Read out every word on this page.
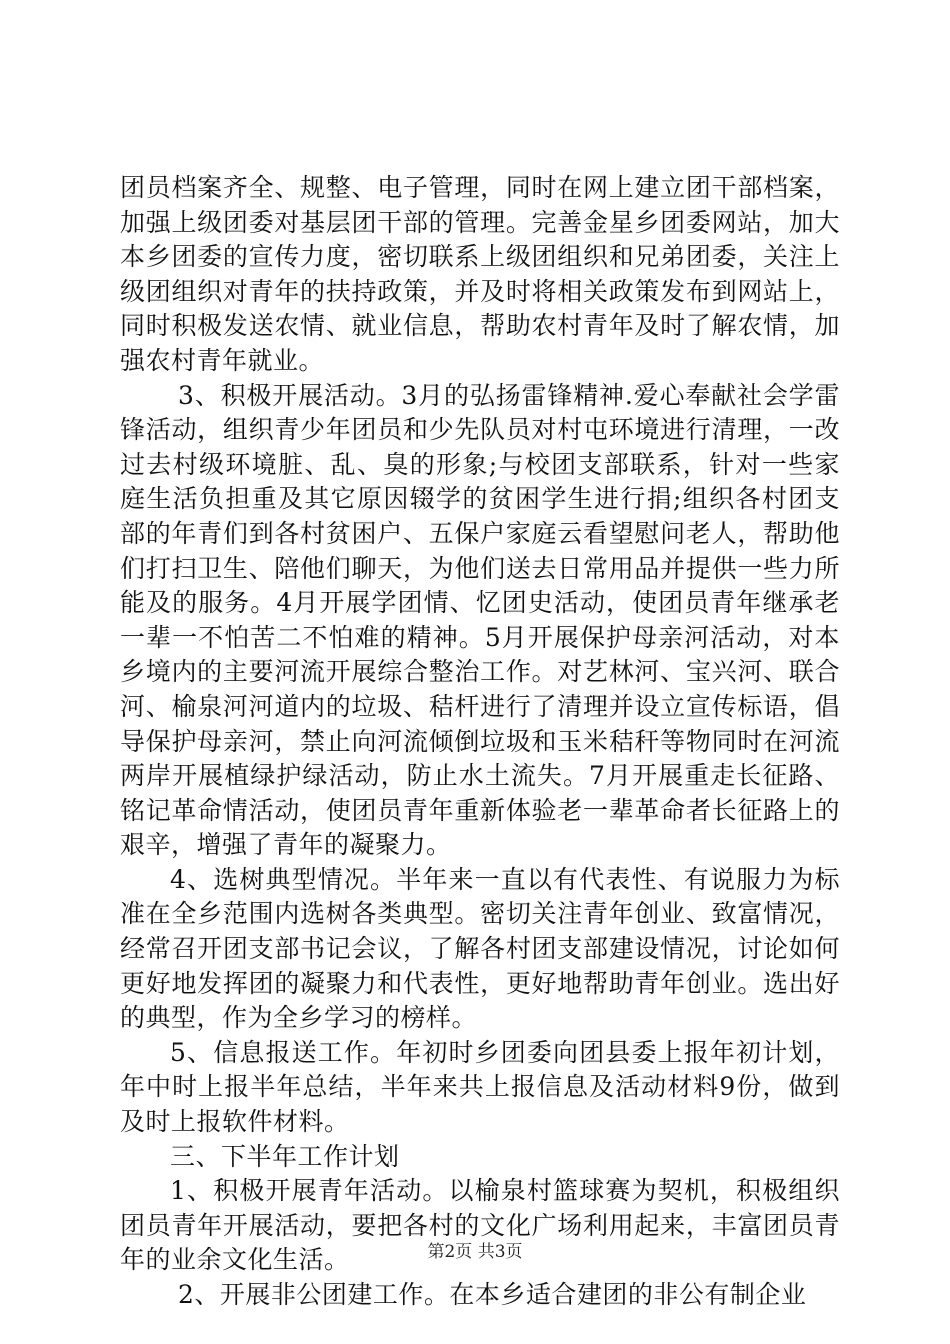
团员档案齐全、规整、电子管理，同时在网上建立团干部档案，加强上级团委对基层团干部的管理。完善金星乡团委网站，加大本乡团委的宣传力度，密切联系上级团组织和兄弟团委，关注上级团组织对青年的扶持政策，并及时将相关政策发布到网站上，同时积极发送农情、就业信息，帮助农村青年及时了解农情，加强农村青年就业。

3、积极开展活动。3月的弘扬雷锋精神.爱心奉献社会学雷锋活动，组织青少年团员和少先队员对村屯环境进行清理，一改过去村级环境脏、乱、臭的形象;与校团支部联系，针对一些家庭生活负担重及其它原因辍学的贫困学生进行捐;组织各村团支部的年青们到各村贫困户、五保户家庭云看望慰问老人，帮助他们打扫卫生、陪他们聊天，为他们送去日常用品并提供一些力所能及的服务。4月开展学团情、忆团史活动，使团员青年继承老一辈一不怕苦二不怕难的精神。5月开展保护母亲河活动，对本乡境内的主要河流开展综合整治工作。对艺林河、宝兴河、联合河、榆泉河河道内的垃圾、秸杆进行了清理并设立宣传标语，倡导保护母亲河，禁止向河流倾倒垃圾和玉米秸秆等物同时在河流两岸开展植绿护绿活动，防止水土流失。7月开展重走长征路、铭记革命情活动，使团员青年重新体验老一辈革命者长征路上的艰辛，增强了青年的凝聚力。

4、选树典型情况。半年来一直以有代表性、有说服力为标准在全乡范围内选树各类典型。密切关注青年创业、致富情况，经常召开团支部书记会议，了解各村团支部建设情况，讨论如何更好地发挥团的凝聚力和代表性，更好地帮助青年创业。选出好的典型，作为全乡学习的榜样。

5、信息报送工作。年初时乡团委向团县委上报年初计划，年中时上报半年总结，半年来共上报信息及活动材料9份，做到及时上报软件材料。

三、下半年工作计划

1、积极开展青年活动。以榆泉村篮球赛为契机，积极组织团员青年开展活动，要把各村的文化广场利用起来，丰富团员青年的业余文化生活。

2、开展非公团建工作。在本乡适合建团的非公有制企业

第2页 共3页
